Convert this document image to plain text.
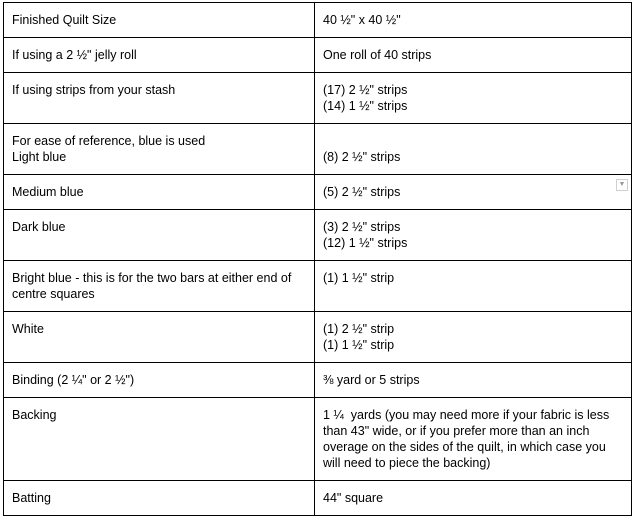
Finished Quilt Size	40 ½" x 40 ½"

If using a 2 ½" jelly roll	One roll of 40 strips

If using strips from your stash	(17) 2 ½" strips
(14) 1 ½" strips

For ease of reference, blue is used
Light blue	(8) 2 ½" strips

Medium blue	(5) 2 ½" strips
▼

Dark blue	(3) 2 ½" strips
(12) 1 ½" strips

Bright blue - this is for the two bars at either end of
centre squares	(1) 1 ½" strip

White	(1) 2 ½" strip
(1) 1 ½" strip

Binding (2 ¼" or 2 ½")	⅜ yard or 5 strips

Backing	1 ¼  yards (you may need more if your fabric is less
than 43" wide, or if you prefer more than an inch
overage on the sides of the quilt, in which case you
will need to piece the backing)

Batting	44" square
